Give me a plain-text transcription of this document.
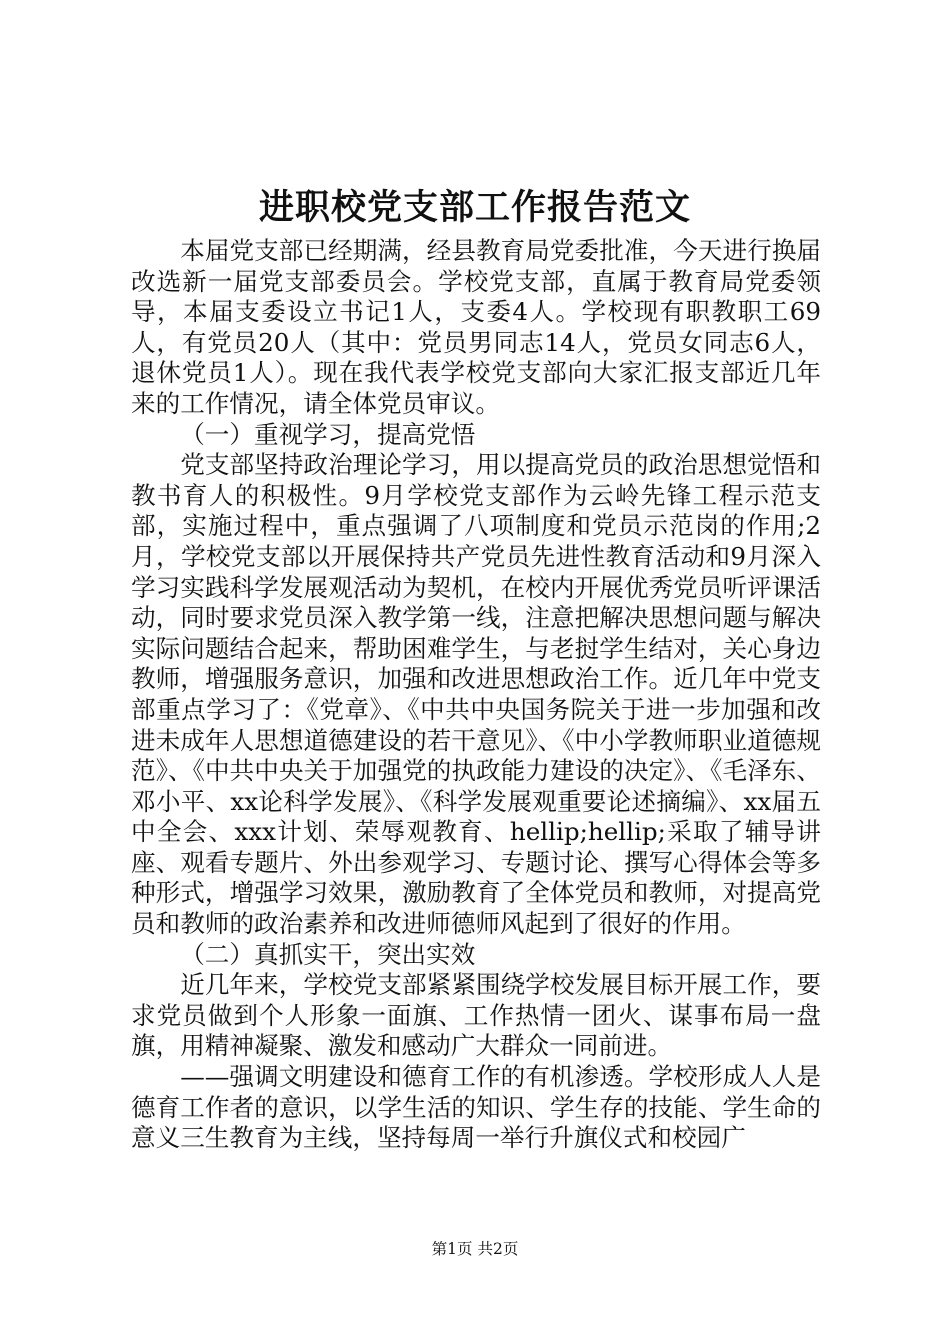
进职校党支部工作报告范文

本届党支部已经期满，经县教育局党委批准，今天进行换届改选新一届党支部委员会。学校党支部，直属于教育局党委领导，本届支委设立书记1人，支委4人。学校现有职教职工69人，有党员20人（其中：党员男同志14人，党员女同志6人，退休党员1人）。现在我代表学校党支部向大家汇报支部近几年来的工作情况，请全体党员审议。

（一）重视学习，提高党悟

党支部坚持政治理论学习，用以提高党员的政治思想觉悟和教书育人的积极性。9月学校党支部作为云岭先锋工程示范支部，实施过程中，重点强调了八项制度和党员示范岗的作用;2月，学校党支部以开展保持共产党员先进性教育活动和9月深入学习实践科学发展观活动为契机，在校内开展优秀党员听评课活动，同时要求党员深入教学第一线，注意把解决思想问题与解决实际问题结合起来，帮助困难学生，与老挝学生结对，关心身边教师，增强服务意识，加强和改进思想政治工作。近几年中党支部重点学习了：《党章》、《中共中央国务院关于进一步加强和改进未成年人思想道德建设的若干意见》、《中小学教师职业道德规范》、《中共中央关于加强党的执政能力建设的决定》、《毛泽东、邓小平、xx论科学发展》、《科学发展观重要论述摘编》、xx届五中全会、xxx计划、荣辱观教育、hellip;hellip;采取了辅导讲座、观看专题片、外出参观学习、专题讨论、撰写心得体会等多种形式，增强学习效果，激励教育了全体党员和教师，对提高党员和教师的政治素养和改进师德师风起到了很好的作用。

（二）真抓实干，突出实效

近几年来，学校党支部紧紧围绕学校发展目标开展工作，要求党员做到个人形象一面旗、工作热情一团火、谋事布局一盘旗，用精神凝聚、激发和感动广大群众一同前进。

——强调文明建设和德育工作的有机渗透。学校形成人人是德育工作者的意识，以学生活的知识、学生存的技能、学生命的意义三生教育为主线，坚持每周一举行升旗仪式和校园广

第1页 共2页
